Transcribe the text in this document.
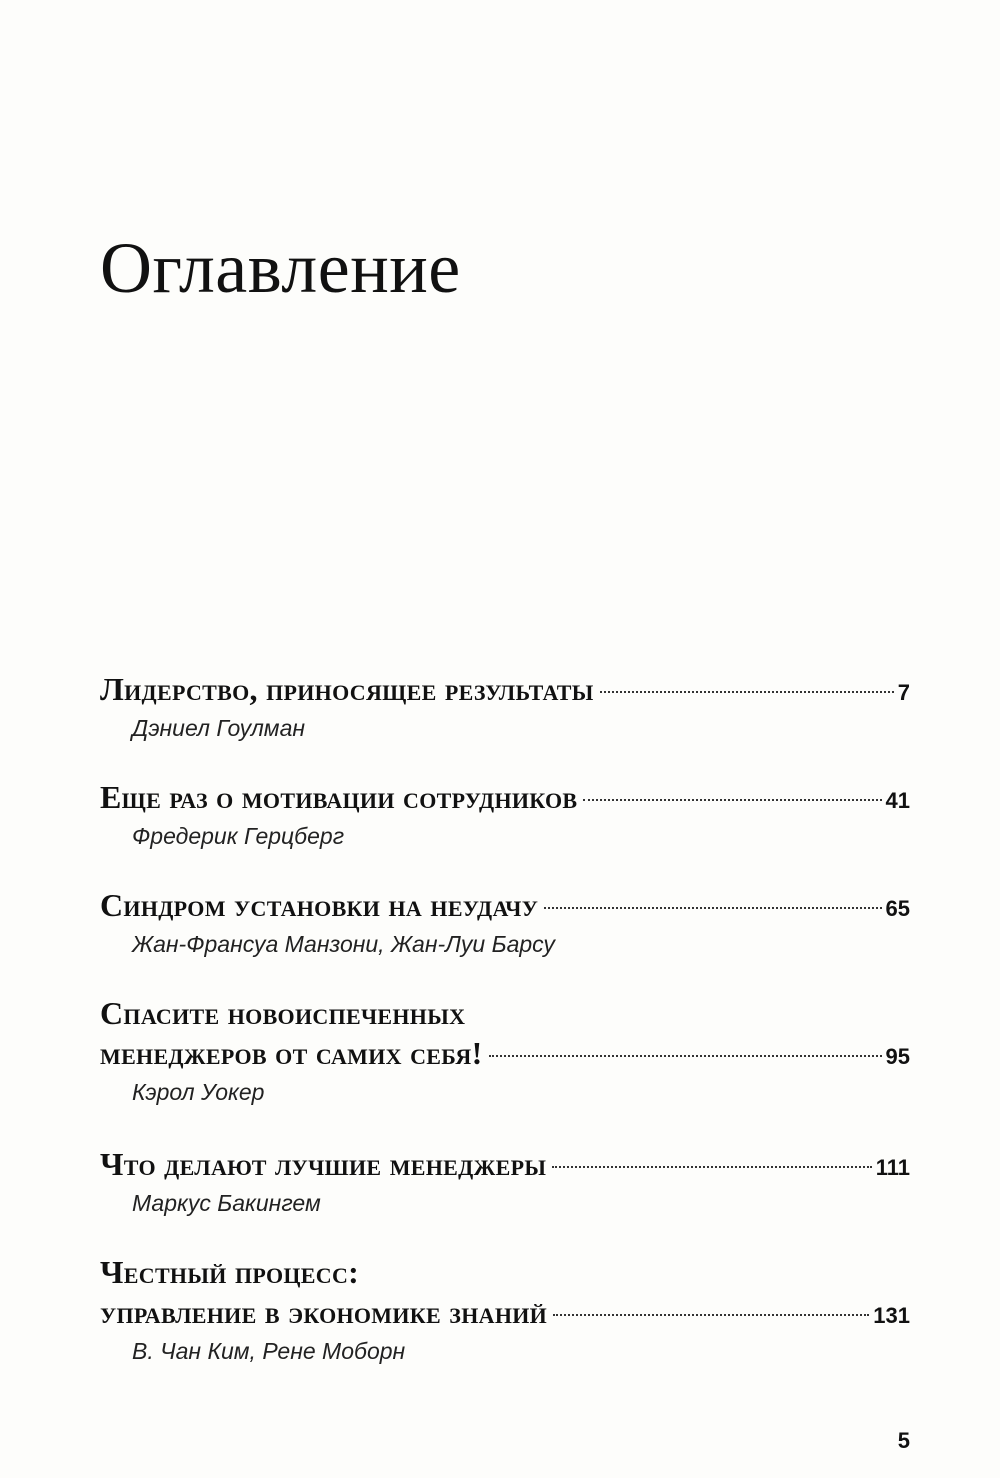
Оглавление
Лидерство, приносящее результаты	7
Дэниел Гоулман
Еще раз о мотивации сотрудников	41
Фредерик Герцберг
Синдром установки на неудачу	65
Жан-Франсуа Манзони, Жан-Луи Барсу
Спасите новоиспеченных
менеджеров от самих себя!	95
Кэрол Уокер
Что делают лучшие менеджеры	111
Маркус Бакингем
Честный процесс:
управление в экономике знаний	131
В. Чан Ким, Рене Моборн
5
